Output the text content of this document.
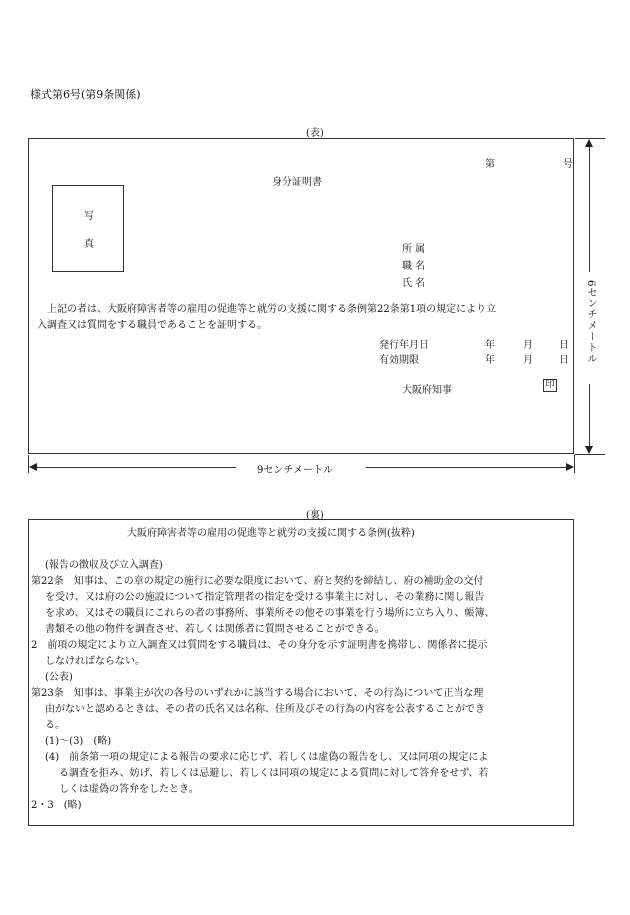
様式第6号(第9条関係)
(表)
第	号
身分証明書
写
真	所 属
職 名
氏 名
上記の者は、大阪府障害者等の雇用の促進等と就労の支援に関する条例第22条第1項の規定により立
入調査又は質問をする職員であることを証明する。
発行年月日	年	月	日
有効期限	年	月	日
大阪府知事	印
9センチメートル
6センチメートル
(裏)
大阪府障害者等の雇用の促進等と就労の支援に関する条例(抜粋)
(報告の徴収及び立入調査)
第22条　知事は、この章の規定の施行に必要な限度において、府と契約を締結し、府の補助金の交付
を受け、又は府の公の施設について指定管理者の指定を受ける事業主に対し、その業務に関し報告
を求め、又はその職員にこれらの者の事務所、事業所その他その事業を行う場所に立ち入り、帳簿、
書類その他の物件を調査させ、若しくは関係者に質問させることができる。
2　前項の規定により立入調査又は質問をする職員は、その身分を示す証明書を携帯し、関係者に提示
しなければならない。
(公表)
第23条　知事は、事業主が次の各号のいずれかに該当する場合において、その行為について正当な理
由がないと認めるときは、その者の氏名又は名称、住所及びその行為の内容を公表することができ
る。
(1)～(3)　(略)
(4)　前条第一項の規定による報告の要求に応じず、若しくは虚偽の報告をし、又は同項の規定によ
る調査を拒み、妨げ、若しくは忌避し、若しくは同項の規定による質問に対して答弁をせず、若
しくは虚偽の答弁をしたとき。
2・3　(略)
